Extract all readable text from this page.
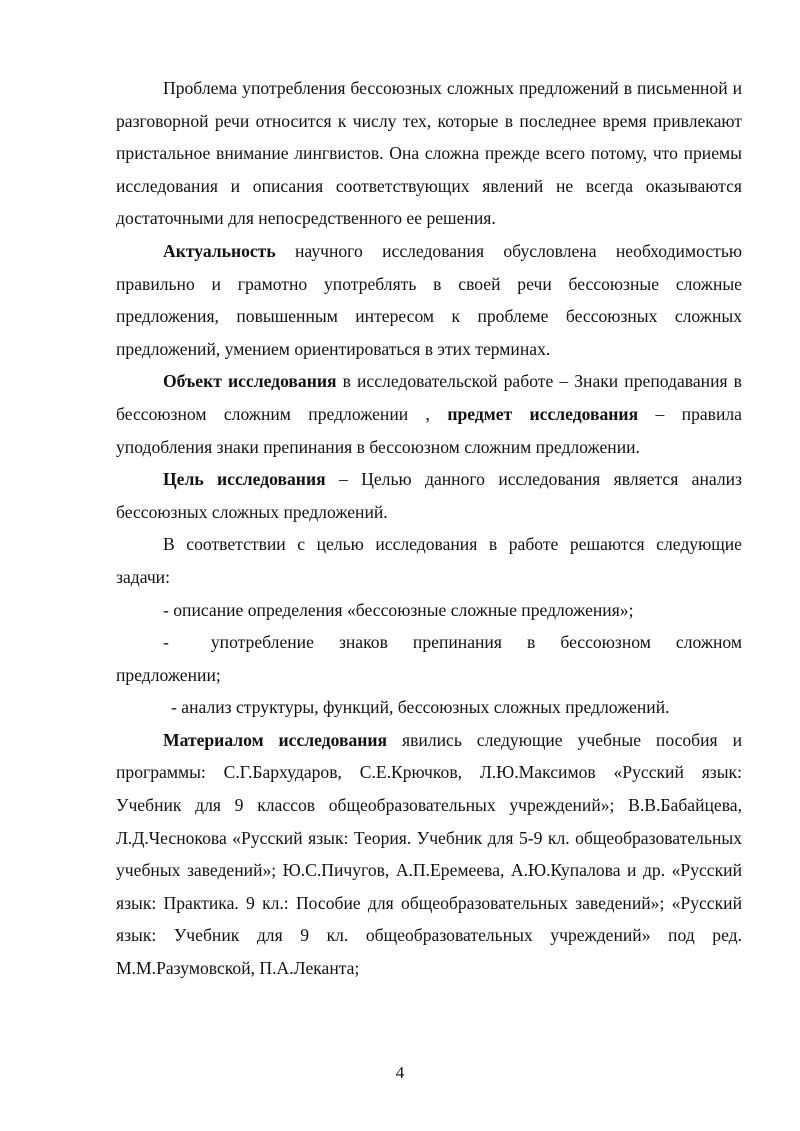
Проблема употребления бессоюзных сложных предложений в письменной и разговорной речи относится к числу тех, которые в последнее время привлекают пристальное внимание лингвистов. Она сложна прежде всего потому, что приемы исследования и описания соответствующих явлений не всегда оказываются достаточными для непосредственного ее решения.

Актуальность научного исследования обусловлена необходимостью правильно и грамотно употреблять в своей речи бессоюзные сложные предложения, повышенным интересом к проблеме бессоюзных сложных предложений, умением ориентироваться в этих терминах.

Объект исследования в исследовательской работе – Знаки преподавания в бессоюзном сложним предложении , предмет исследования – правила уподобления знаки препинания в бессоюзном сложним предложении.

Цель исследования – Целью данного исследования является анализ бессоюзных сложных предложений.

В соответствии с целью исследования в работе решаются следующие задачи:

- описание определения «бессоюзные сложные предложения»;

- употребление знаков препинания в бессоюзном сложном предложении;

- анализ структуры, функций, бессоюзных сложных предложений.

Материалом исследования явились следующие учебные пособия и программы: С.Г.Бархударов, С.Е.Крючков, Л.Ю.Максимов «Русский язык: Учебник для 9 классов общеобразовательных учреждений»; В.В.Бабайцева, Л.Д.Чеснокова «Русский язык: Теория. Учебник для 5-9 кл. общеобразовательных учебных заведений»; Ю.С.Пичугов, А.П.Еремеева, А.Ю.Купалова и др. «Русский язык: Практика. 9 кл.: Пособие для общеобразовательных заведений»; «Русский язык: Учебник для 9 кл. общеобразовательных учреждений» под ред. М.М.Разумовской, П.А.Леканта;

4
